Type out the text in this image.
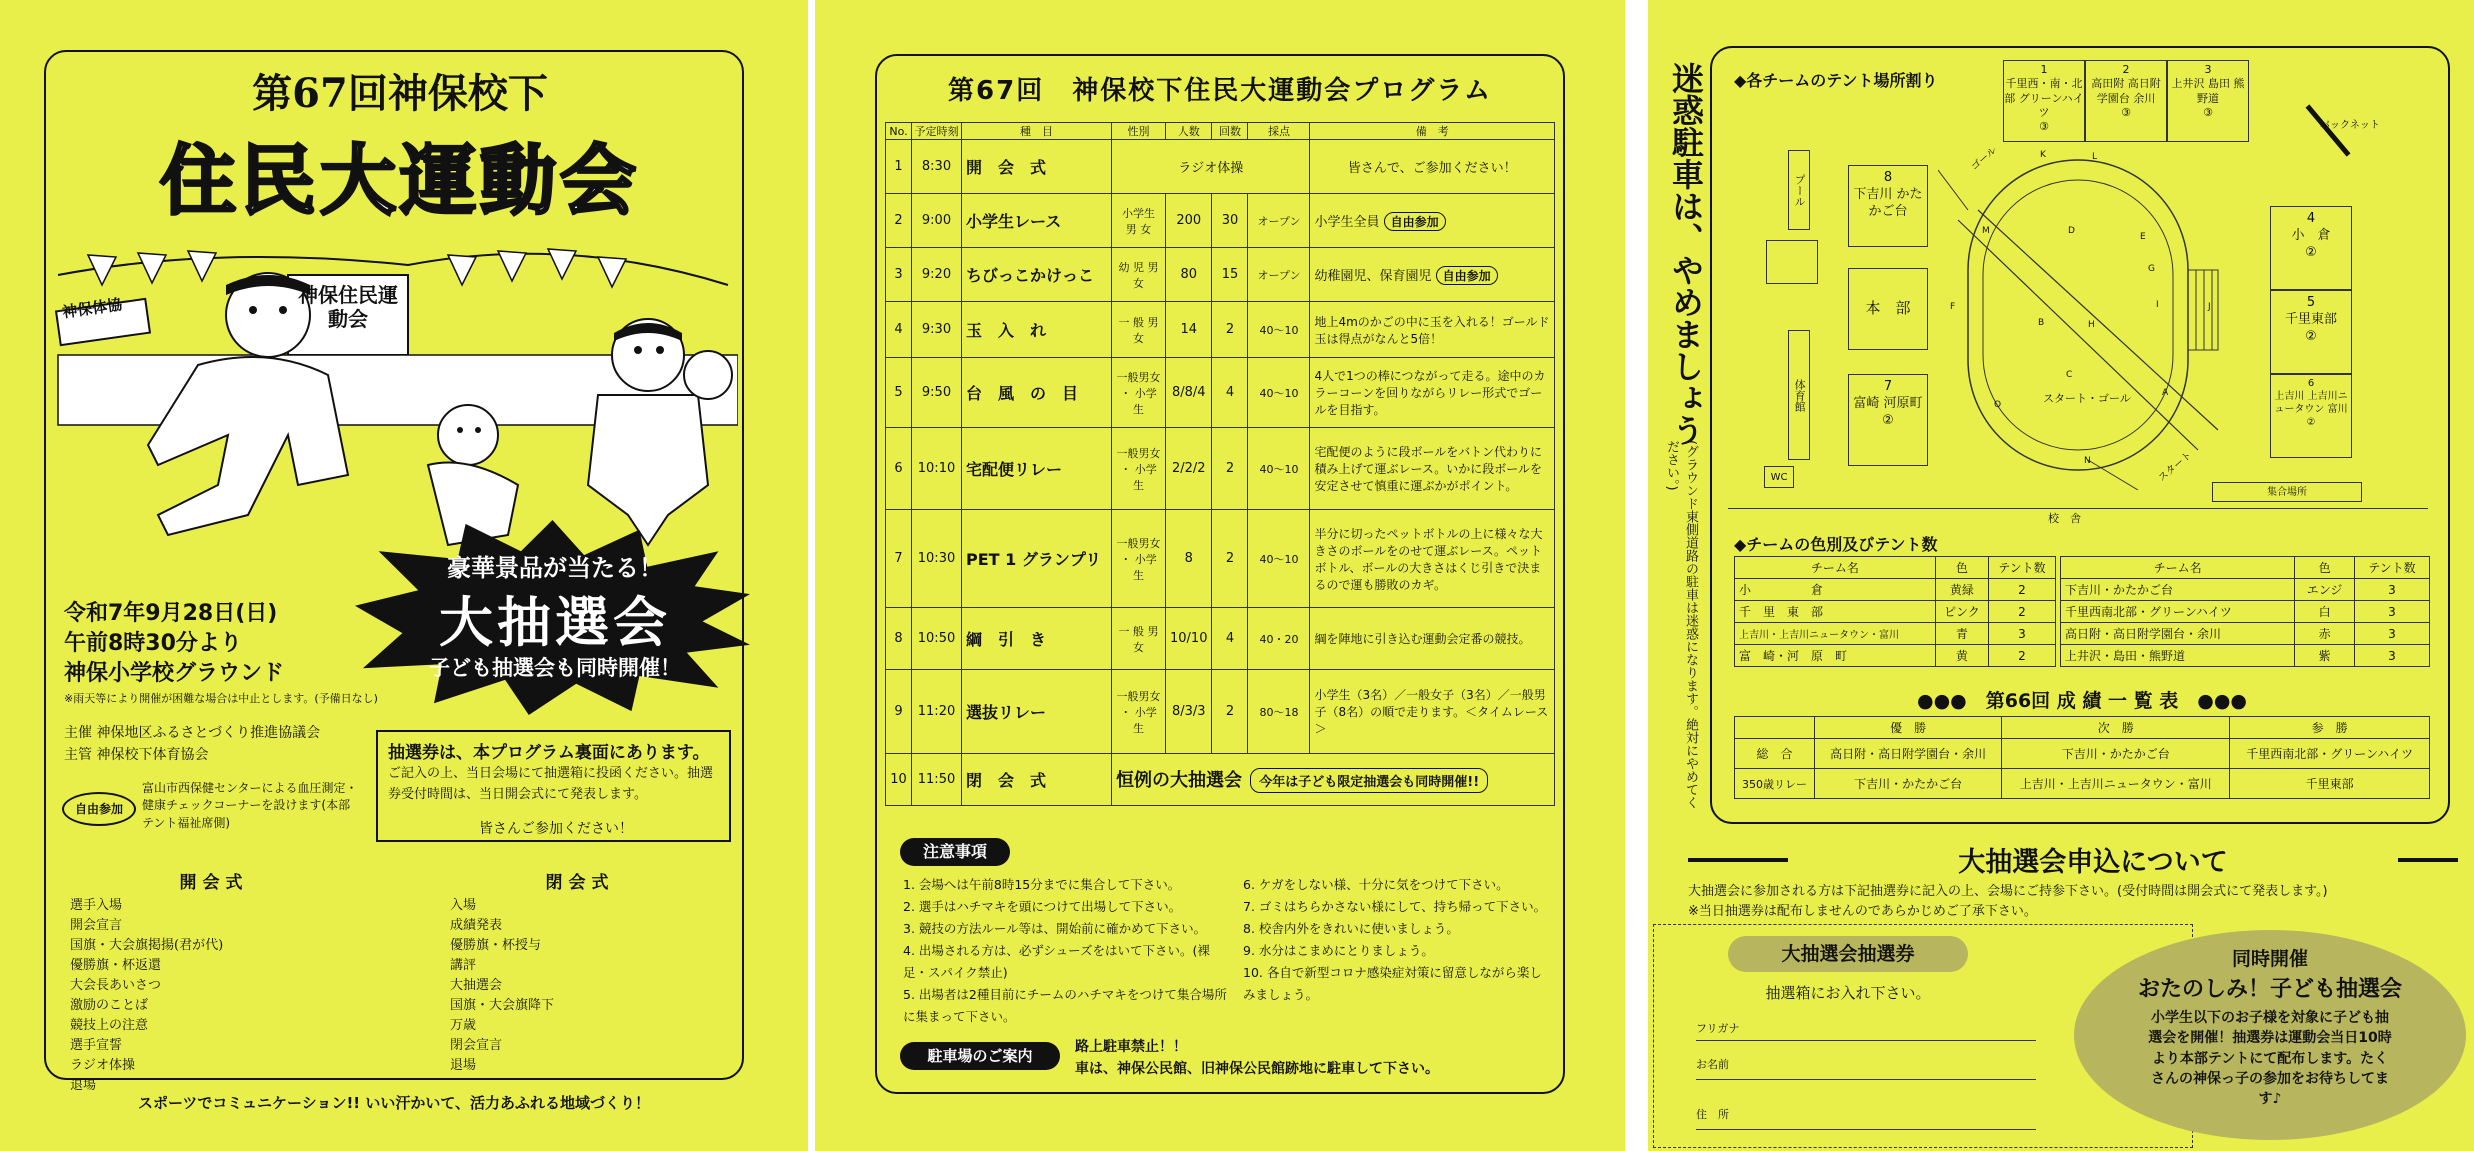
第67回神保校下
住民大運動会
神保体協
神保住民運動会
豪華景品が当たる！
大抽選会
子ども抽選会も同時開催！
令和7年9月28日(日)
午前8時30分より
神保小学校グラウンド
※雨天等により開催が困難な場合は中止とします。(予備日なし)
主催 神保地区ふるさとづくり推進協議会
主管 神保校下体育協会
自由参加
富山市西保健センターによる血圧測定・健康チェックコーナーを設けます(本部テント福祉席側)
抽選券は、本プログラム裏面にあります。
ご記入の上、当日会場にて抽選箱に投函ください。抽選券受付時間は、当日開会式にて発表します。
皆さんご参加ください！
開会式
選手入場
開会宣言
国旗・大会旗掲揚(君が代)
優勝旗・杯返還
大会長あいさつ
激励のことば
競技上の注意
選手宣誓
ラジオ体操
退場
閉会式
入場
成績発表
優勝旗・杯授与
講評
大抽選会
国旗・大会旗降下
万歳
閉会宣言
退場
スポーツでコミュニケーション!! いい汗かいて、活力あふれる地域づくり！
第67回　神保校下住民大運動会プログラム
No.	予定時刻	種　目	性別	人数	回数	採点	備　考
1	8:30	開　会　式	ラジオ体操				皆さんで、ご参加ください！
2	9:00	小学生レース	小学生 男 女	200	30	オープン	小学生全員 自由参加
3	9:20	ちびっこかけっこ	幼 児 男 女	80	15	オープン	幼稚園児、保育園児 自由参加
4	9:30	玉　入　れ	一 般 男 女	14	2	40～10	地上4mのかごの中に玉を入れる！ゴールド玉は得点がなんと5倍！
5	9:50	台　風　の　目	一般男女 ・ 小学生	8/8/4	4	40～10	4人で1つの棒につながって走る。途中のカラーコーンを回りながらリレー形式でゴールを目指す。
6	10:10	宅配便リレー	一般男女 ・ 小学生	2/2/2	2	40～10	宅配便のように段ボールをバトン代わりに積み上げて運ぶレース。いかに段ボールを安定させて慎重に運ぶかがポイント。
7	10:30	PET 1 グランプリ	一般男女 ・ 小学生	8	2	40～10	半分に切ったペットボトルの上に様々な大きさのボールをのせて運ぶレース。ペットボトル、ボールの大きさはくじ引きで決まるので運も勝敗のカギ。
8	10:50	綱　引　き	一 般 男 女	10/10	4	40・20	綱を陣地に引き込む運動会定番の競技。
9	11:20	選抜リレー	一般男女 ・ 小学生	8/3/3	2	80～18	小学生（3名）／一般女子（3名）／一般男子（8名）の順で走ります。＜タイムレース＞
10	11:50	閉　会　式	恒例の大抽選会 今年は子ども限定抽選会も同時開催!!				
注意事項
1. 会場へは午前8時15分までに集合して下さい。
2. 選手はハチマキを頭につけて出場して下さい。
3. 競技の方法ルール等は、開始前に確かめて下さい。
4. 出場される方は、必ずシューズをはいて下さい。(裸足・スパイク禁止)
5. 出場者は2種目前にチームのハチマキをつけて集合場所に集まって下さい。
6. ケガをしない様、十分に気をつけて下さい。
7. ゴミはちらかさない様にして、持ち帰って下さい。
8. 校舎内外をきれいに使いましょう。
9. 水分はこまめにとりましょう。
10. 各自で新型コロナ感染症対策に留意しながら楽しみましょう。
駐車場のご案内	路上駐車禁止！！
車は、神保公民館、旧神保公民館跡地に駐車して下さい。
迷惑駐車は、やめましょう
(グラウンド東側道路の駐車は迷惑になります。絶対にやめてください。)
◆各チームのテント場所割り
1
千里西・南・北部 グリーンハイツ
③
2
高田附 高日附学園台 余川
③
3
上井沢 島田 熊野道
③
バックネット
プール
体育館
WC
8
下吉川 かたかご台
本　部
7
富崎 河原町
②
4
小　倉
②
5
千里東部
②
6
上吉川 上吉川ニュータウン 富川
②
ゴール
スタート・ゴール
スタート
K	L
M	D
E
F
B
C
G
H
I	J
A
O
N
集合場所
校　舎
◆チームの色別及びテント数
チーム名	色	テント数
小　　　　　倉	黄緑	2
千　里　東　部	ピンク	2
上吉川・上吉川ニュータウン・富川	青	3
富　崎・河　原　町	黄	2
チーム名	色	テント数
下吉川・かたかご台	エンジ	3
千里西南北部・グリーンハイツ	白	3
高日附・高日附学園台・余川	赤	3
上井沢・島田・熊野道	紫	3
●●●　第66回 成 績 一 覧 表　●●●
	優　勝	次　勝	参　勝
総　合	高日附・高日附学園台・余川	下吉川・かたかご台	千里西南北部・グリーンハイツ
350歳リレー	下吉川・かたかご台	上吉川・上吉川ニュータウン・富川	千里東部
大抽選会申込について
大抽選会に参加される方は下記抽選券に記入の上、会場にご持参下さい。(受付時間は開会式にて発表します。)
※当日抽選券は配布しませんのであらかじめご了承下さい。
大抽選会抽選券
抽選箱にお入れ下さい。
フリガナ
お名前
住　所
同時開催
おたのしみ！子ども抽選会
小学生以下のお子様を対象に子ども抽選会を開催！抽選券は運動会当日10時より本部テントにて配布します。たくさんの神保っ子の参加をお待ちしてます♪
